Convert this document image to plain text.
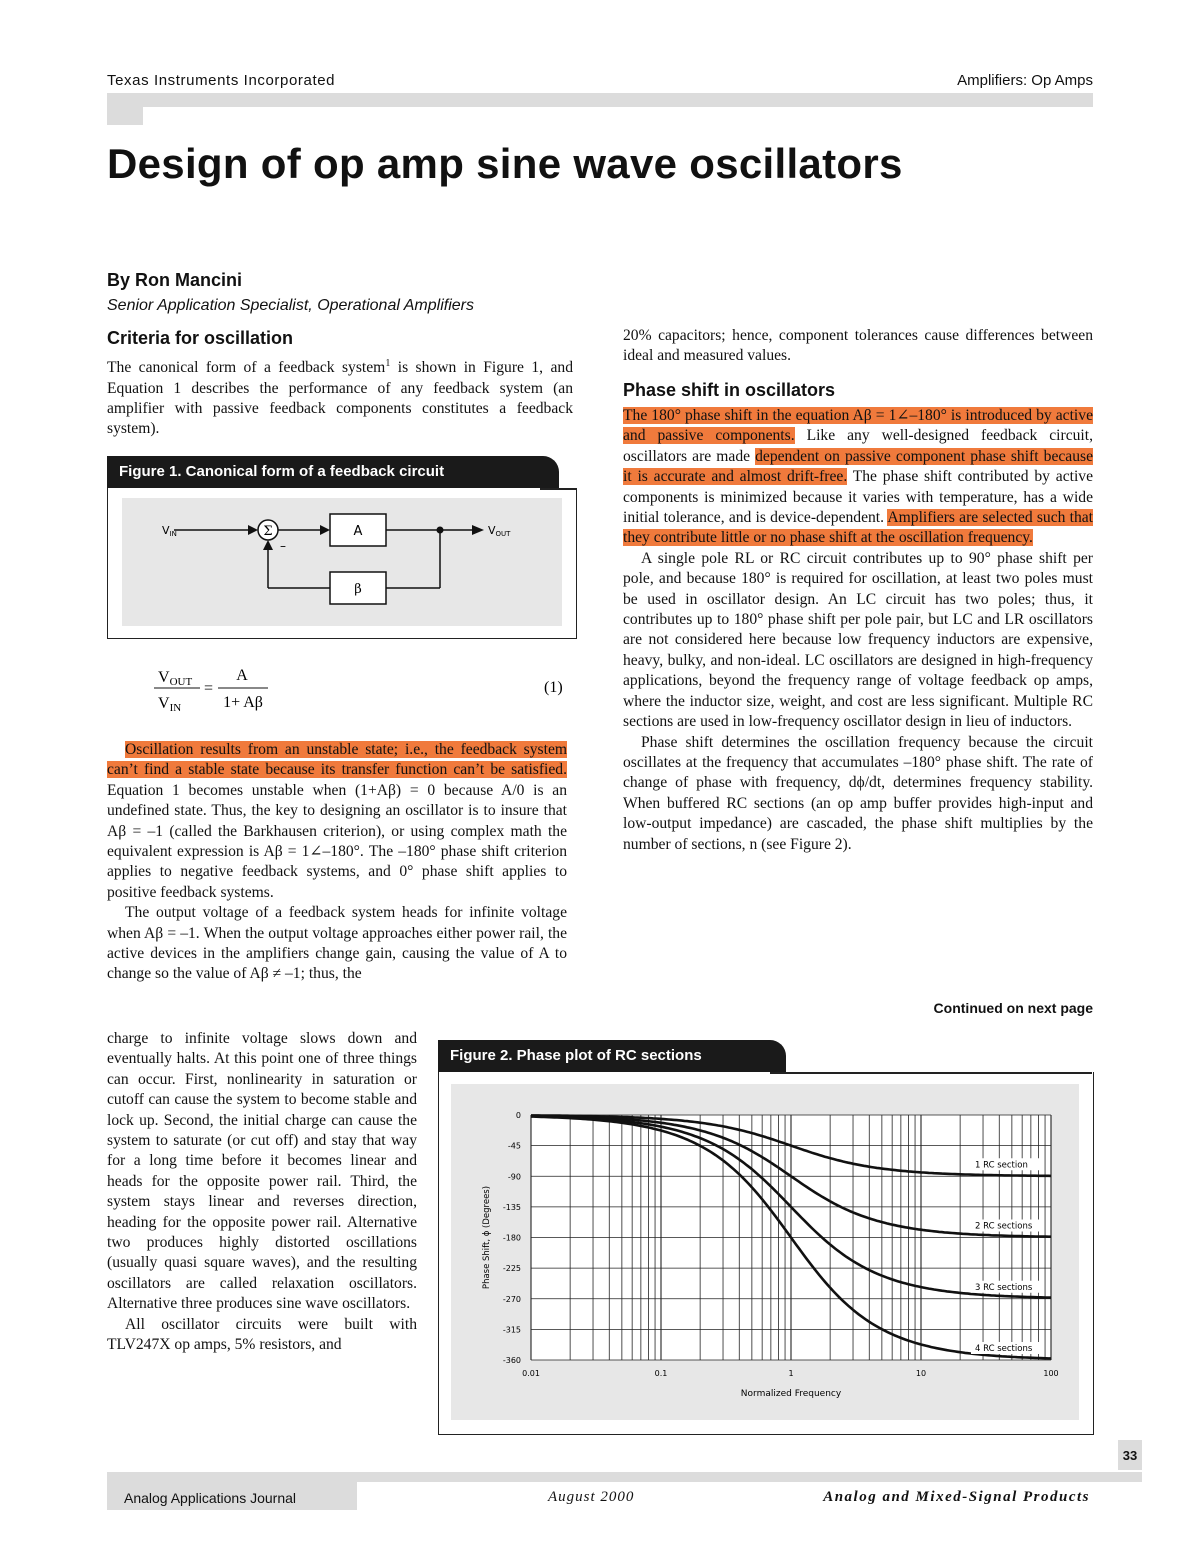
Texas Instruments Incorporated	Amplifiers: Op Amps
Design of op amp sine wave oscillators
By Ron Mancini
Senior Application Specialist, Operational Amplifiers
Criteria for oscillation

The canonical form of a feedback system$^1$ is shown in Figure 1, and Equation 1 describes the performance of any feedback system (an amplifier with passive feedback components constitutes a feedback system).

Figure 1. Canonical form of a feedback circuit
Σ
–
A
β
VIN	VOUT
VOUT
VIN
=
A
1+ Aβ
(1)

Oscillation results from an unstable state; i.e., the feedback system can’t find a stable state because its transfer function can’t be satisfied. Equation 1 becomes unstable when (1+Aβ) = 0 because A/0 is an undefined state. Thus, the key to designing an oscillator is to insure that Aβ = –1 (called the Barkhausen criterion), or using complex math the equivalent expression is Aβ = 1∠–180°. The –180° phase shift criterion applies to negative feedback systems, and 0° phase shift applies to positive feedback systems.

The output voltage of a feedback system heads for infinite voltage when Aβ = –1. When the output voltage approaches either power rail, the active devices in the amplifiers change gain, causing the value of A to change so the value of Aβ ≠ –1; thus, the

charge to infinite voltage slows down and eventually halts. At this point one of three things can occur. First, nonlinearity in saturation or cutoff can cause the system to become stable and lock up. Second, the initial charge can cause the system to saturate (or cut off) and stay that way for a long time before it becomes linear and heads for the opposite power rail. Third, the system stays linear and reverses direction, heading for the opposite power rail. Alternative two produces highly distorted oscillations (usually quasi square waves), and the resulting oscillators are called relaxation oscillators. Alternative three produces sine wave oscillators.

All oscillator circuits were built with TLV247X op amps, 5% resistors, and

20% capacitors; hence, component tolerances cause differences between ideal and measured values.

Phase shift in oscillators

The 180° phase shift in the equation Aβ = 1∠–180° is introduced by active and passive components. Like any well-designed feedback circuit, oscillators are made dependent on passive component phase shift because it is accurate and almost drift-free. The phase shift contributed by active components is minimized because it varies with temperature, has a wide initial tolerance, and is device-dependent. Amplifiers are selected such that they contribute little or no phase shift at the oscillation frequency.

A single pole RL or RC circuit contributes up to 90° phase shift per pole, and because 180° is required for oscillation, at least two poles must be used in oscillator design. An LC circuit has two poles; thus, it contributes up to 180° phase shift per pole pair, but LC and LR oscillators are not considered here because low frequency inductors are expensive, heavy, bulky, and non-ideal. LC oscillators are designed in high-frequency applications, beyond the frequency range of voltage feedback op amps, where the inductor size, weight, and cost are less significant. Multiple RC sections are used in low-frequency oscillator design in lieu of inductors.

Phase shift determines the oscillation frequency because the circuit oscillates at the frequency that accumulates –180° phase shift. The rate of change of phase with frequency, dϕ/dt, determines frequency stability. When buffered RC sections (an op amp buffer provides high-input and low-output impedance) are cascaded, the phase shift multiplies by the number of sections, n (see Figure 2).

Continued on next page
Figure 2. Phase plot of RC sections
0
-45
-90
-135
-180
-225
-270
-315
-360
0.01	0.1	1	10	100
Normalized Frequency
Phase Shift, ϕ (Degrees)
1 RC section
2 RC sections
3 RC sections
4 RC sections
33
Analog Applications Journal	August 2000	Analog and Mixed-Signal Products
